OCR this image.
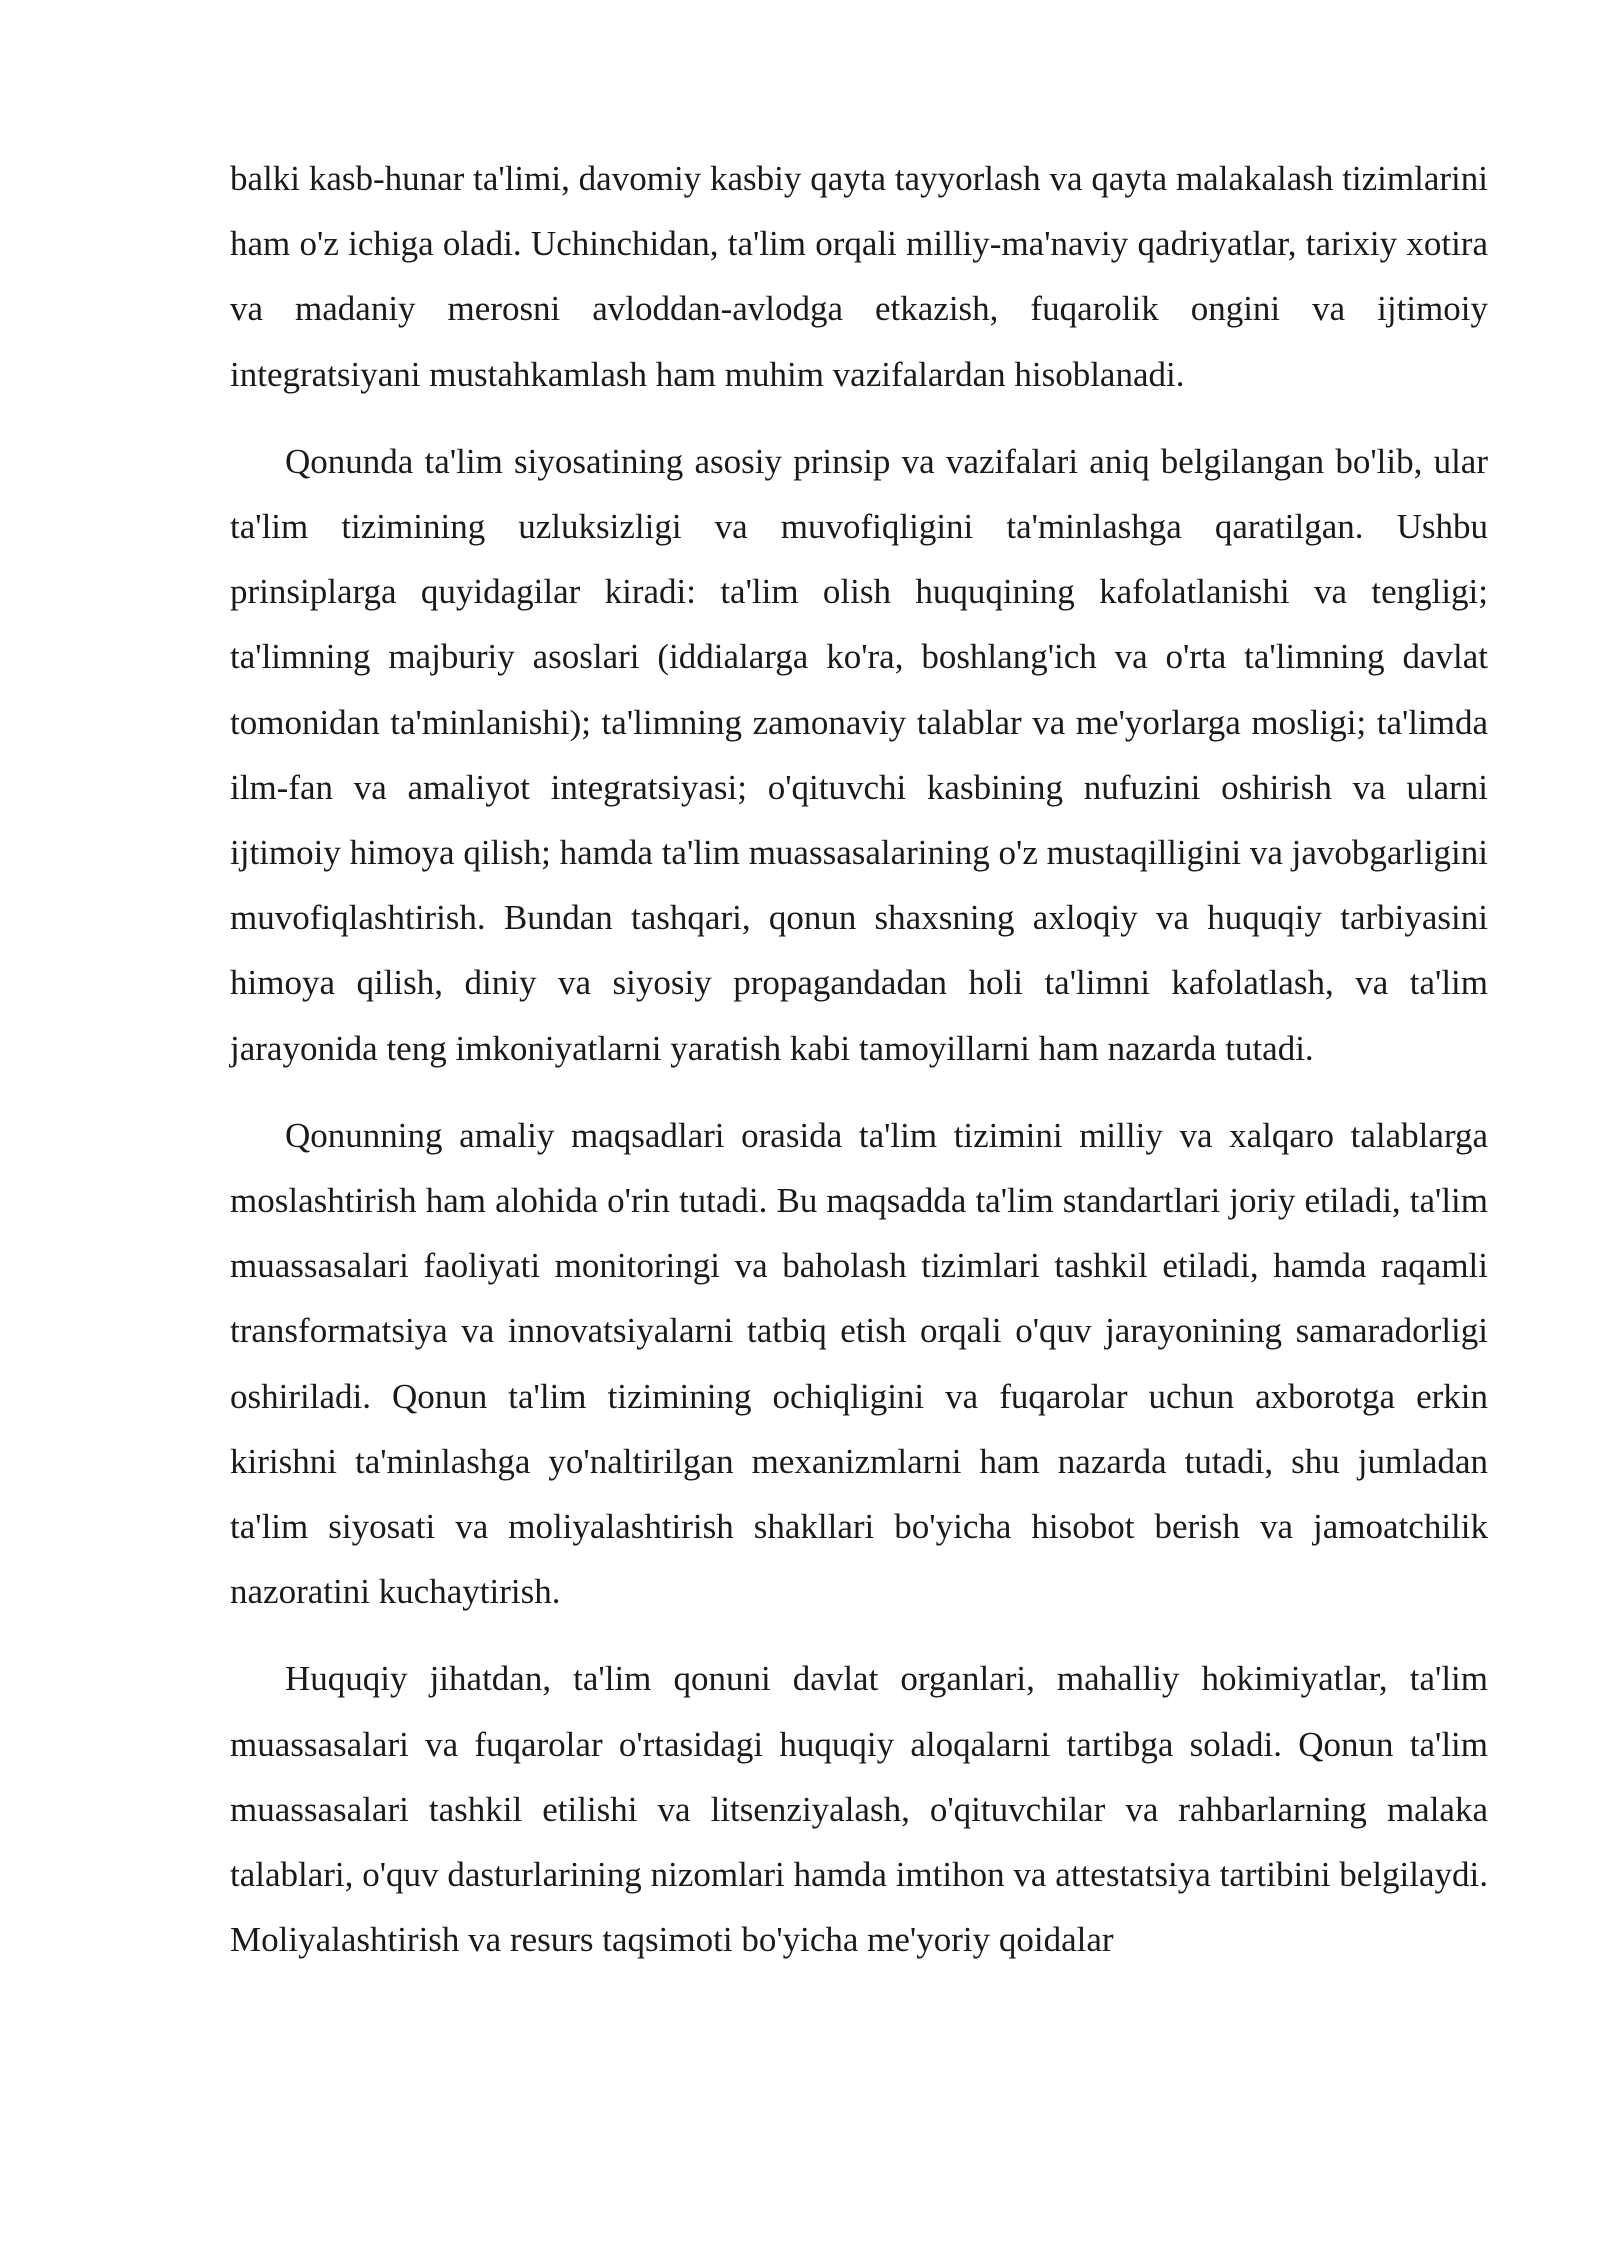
balki kasb-hunar ta'limi, davomiy kasbiy qayta tayyorlash va qayta malakalash tizimlarini ham o'z ichiga oladi. Uchinchidan, ta'lim orqali milliy-ma'naviy qadriyatlar, tarixiy xotira va madaniy merosni avloddan-avlodga etkazish, fuqarolik ongini va ijtimoiy integratsiyani mustahkamlash ham muhim vazifalardan hisoblanadi.

Qonunda ta'lim siyosatining asosiy prinsip va vazifalari aniq belgilangan bo'lib, ular ta'lim tizimining uzluksizligi va muvofiqligini ta'minlashga qaratilgan. Ushbu prinsiplarga quyidagilar kiradi: ta'lim olish huquqining kafolatlanishi va tengligi; ta'limning majburiy asoslari (iddialarga ko'ra, boshlang'ich va o'rta ta'limning davlat tomonidan ta'minlanishi); ta'limning zamonaviy talablar va me'yorlarga mosligi; ta'limda ilm-fan va amaliyot integratsiyasi; o'qituvchi kasbining nufuzini oshirish va ularni ijtimoiy himoya qilish; hamda ta'lim muassasalarining o'z mustaqilligini va javobgarligini muvofiqlashtirish. Bundan tashqari, qonun shaxsning axloqiy va huquqiy tarbiyasini himoya qilish, diniy va siyosiy propagandadan holi ta'limni kafolatlash, va ta'lim jarayonida teng imkoniyatlarni yaratish kabi tamoyillarni ham nazarda tutadi.

Qonunning amaliy maqsadlari orasida ta'lim tizimini milliy va xalqaro talablarga moslashtirish ham alohida o'rin tutadi. Bu maqsadda ta'lim standartlari joriy etiladi, ta'lim muassasalari faoliyati monitoringi va baholash tizimlari tashkil etiladi, hamda raqamli transformatsiya va innovatsiyalarni tatbiq etish orqali o'quv jarayonining samaradorligi oshiriladi. Qonun ta'lim tizimining ochiqligini va fuqarolar uchun axborotga erkin kirishni ta'minlashga yo'naltirilgan mexanizmlarni ham nazarda tutadi, shu jumladan ta'lim siyosati va moliyalashtirish shakllari bo'yicha hisobot berish va jamoatchilik nazoratini kuchaytirish.

Huquqiy jihatdan, ta'lim qonuni davlat organlari, mahalliy hokimiyatlar, ta'lim muassasalari va fuqarolar o'rtasidagi huquqiy aloqalarni tartibga soladi. Qonun ta'lim muassasalari tashkil etilishi va litsenziyalash, o'qituvchilar va rahbarlarning malaka talablari, o'quv dasturlarining nizomlari hamda imtihon va attestatsiya tartibini belgilaydi. Moliyalashtirish va resurs taqsimoti bo'yicha me'yoriy qoidalar
